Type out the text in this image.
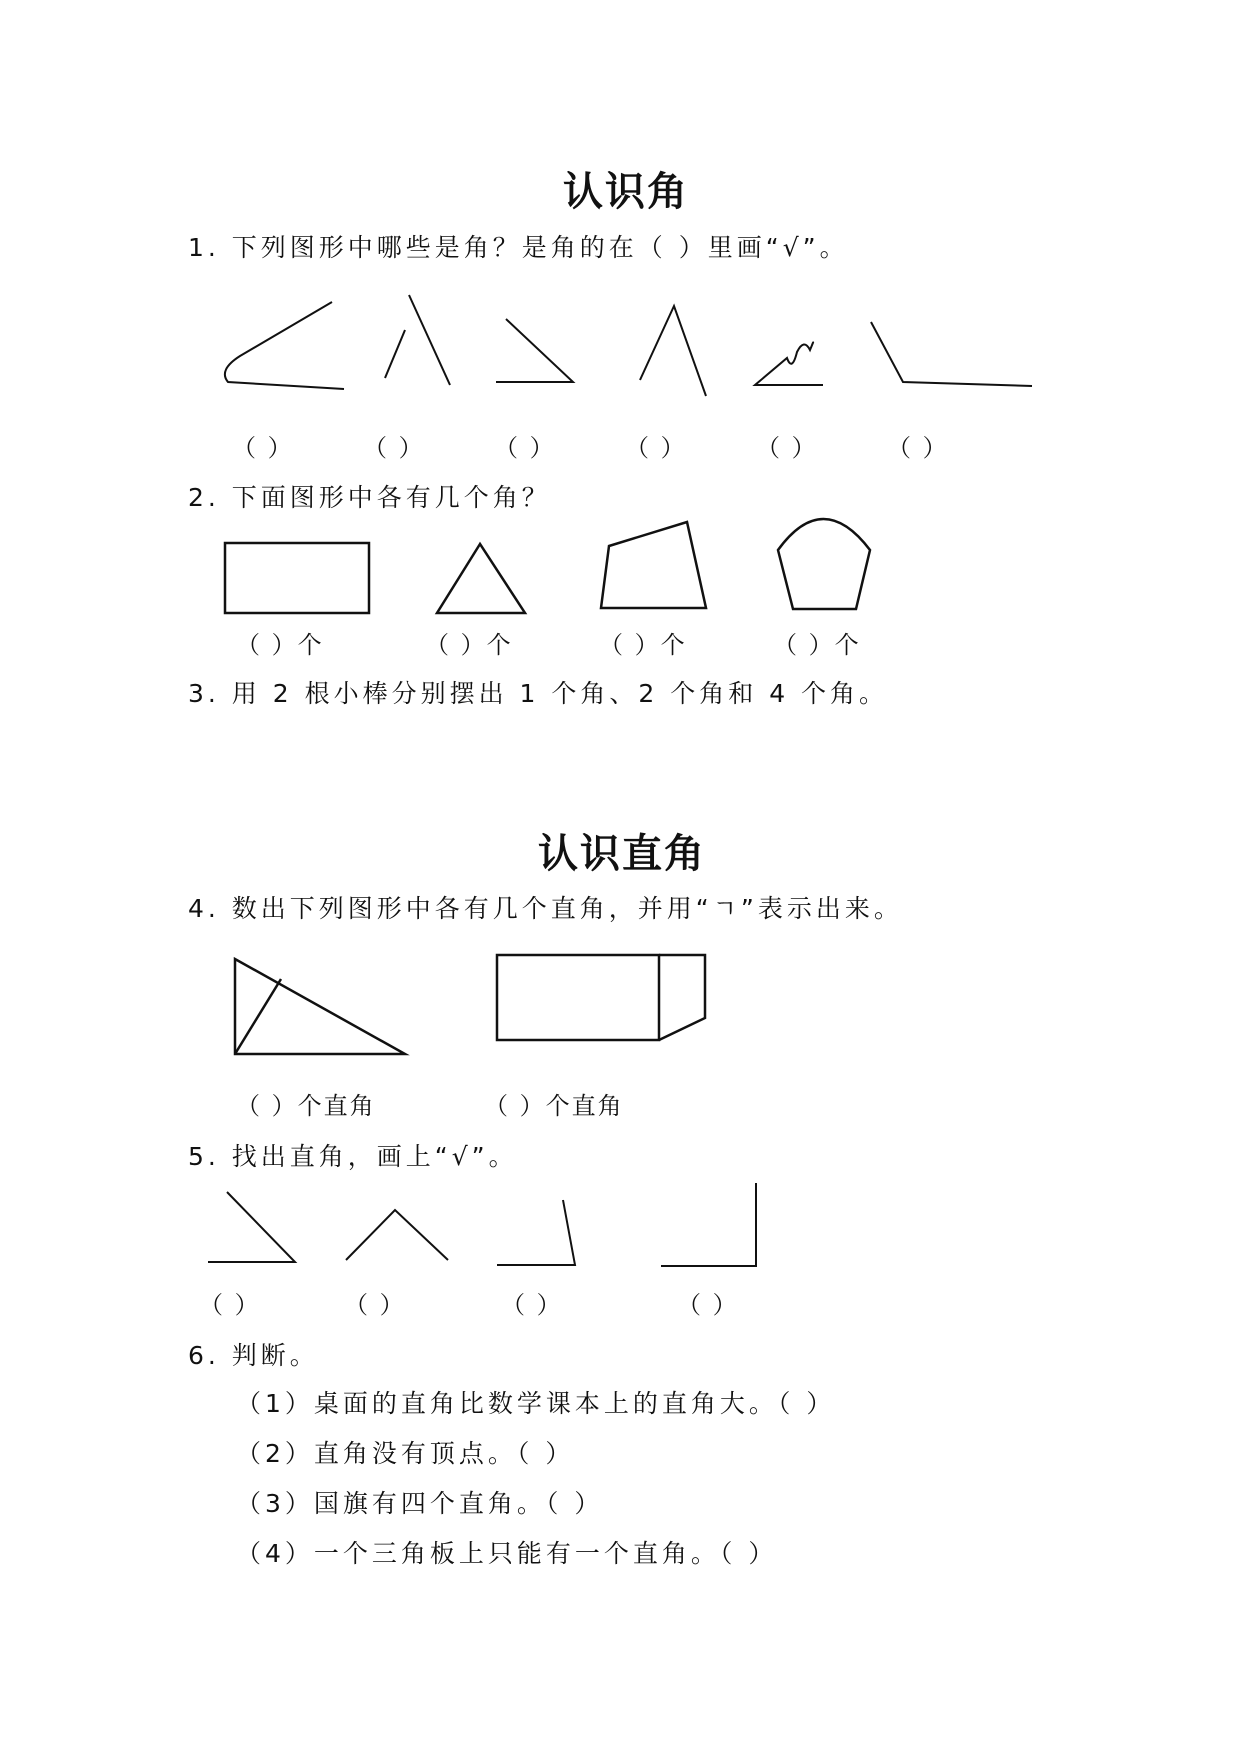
认识角
1. 下列图形中哪些是角？是角的在（ ）里画“√”。
（ ）	（ ）	（ ）	（ ）	（ ）	（ ）
2. 下面图形中各有几个角？
（ ）个	（ ）个	（ ）个	（ ）个
3. 用 2 根小棒分别摆出 1 个角、2 个角和 4 个角。
认识直角
4. 数出下列图形中各有几个直角，并用“ㄱ”表示出来。
（ ）个直角	（ ）个直角
5. 找出直角，画上“√”。
（ ）	（ ）	（ ）	（ ）
6. 判断。
（1）桌面的直角比数学课本上的直角大。（ ）
（2）直角没有顶点。（ ）
（3）国旗有四个直角。（ ）
（4）一个三角板上只能有一个直角。（ ）
